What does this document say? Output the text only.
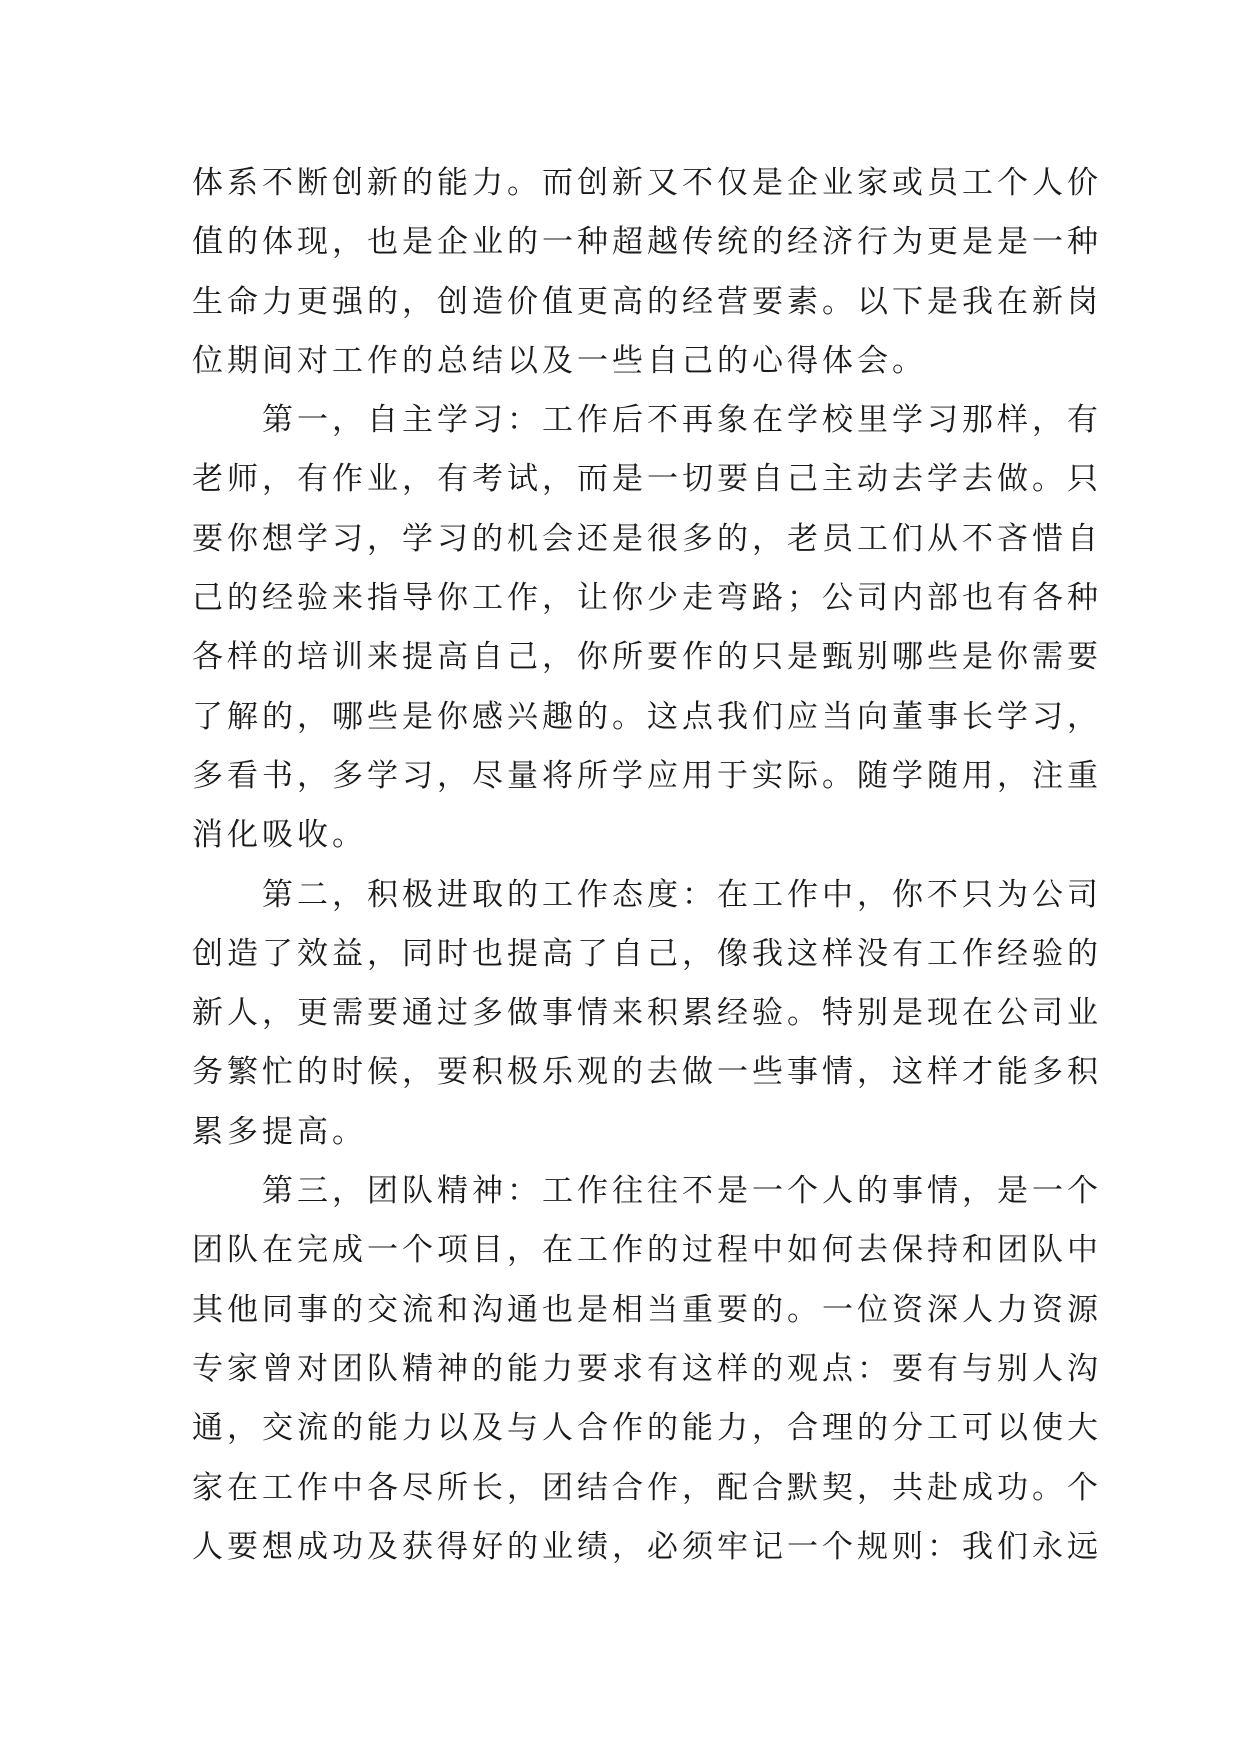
体系不断创新的能力。而创新又不仅是企业家或员工个人价
值的体现，也是企业的一种超越传统的经济行为更是是一种
生命力更强的，创造价值更高的经营要素。以下是我在新岗
位期间对工作的总结以及一些自己的心得体会。
第一，自主学习：工作后不再象在学校里学习那样，有
老师，有作业，有考试，而是一切要自己主动去学去做。只
要你想学习，学习的机会还是很多的，老员工们从不吝惜自
己的经验来指导你工作，让你少走弯路；公司内部也有各种
各样的培训来提高自己，你所要作的只是甄别哪些是你需要
了解的，哪些是你感兴趣的。这点我们应当向董事长学习，
多看书，多学习，尽量将所学应用于实际。随学随用，注重
消化吸收。
第二，积极进取的工作态度：在工作中，你不只为公司
创造了效益，同时也提高了自己，像我这样没有工作经验的
新人，更需要通过多做事情来积累经验。特别是现在公司业
务繁忙的时候，要积极乐观的去做一些事情，这样才能多积
累多提高。
第三，团队精神：工作往往不是一个人的事情，是一个
团队在完成一个项目，在工作的过程中如何去保持和团队中
其他同事的交流和沟通也是相当重要的。一位资深人力资源
专家曾对团队精神的能力要求有这样的观点：要有与别人沟
通，交流的能力以及与人合作的能力，合理的分工可以使大
家在工作中各尽所长，团结合作，配合默契，共赴成功。个
人要想成功及获得好的业绩，必须牢记一个规则：我们永远
